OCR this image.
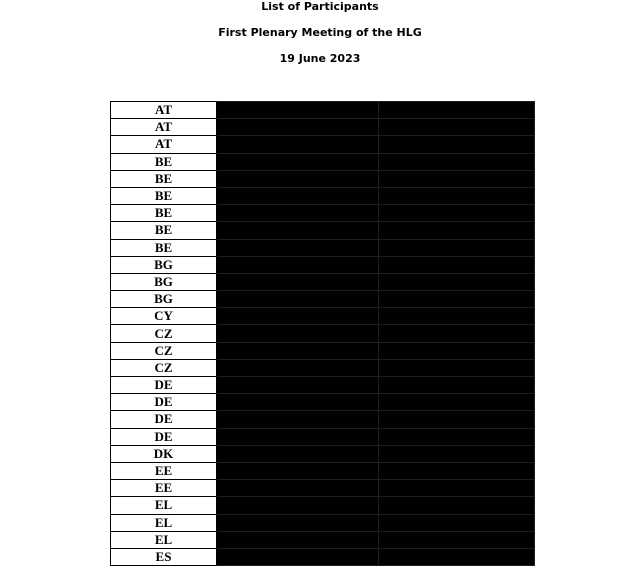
List of Participants
First Plenary Meeting of the HLG
19 June 2023
AT		
AT		
AT		
BE		
BE		
BE		
BE		
BE		
BE		
BG		
BG		
BG		
CY		
CZ		
CZ		
CZ		
DE		
DE		
DE		
DE		
DK		
EE		
EE		
EL		
EL		
EL		
ES		
